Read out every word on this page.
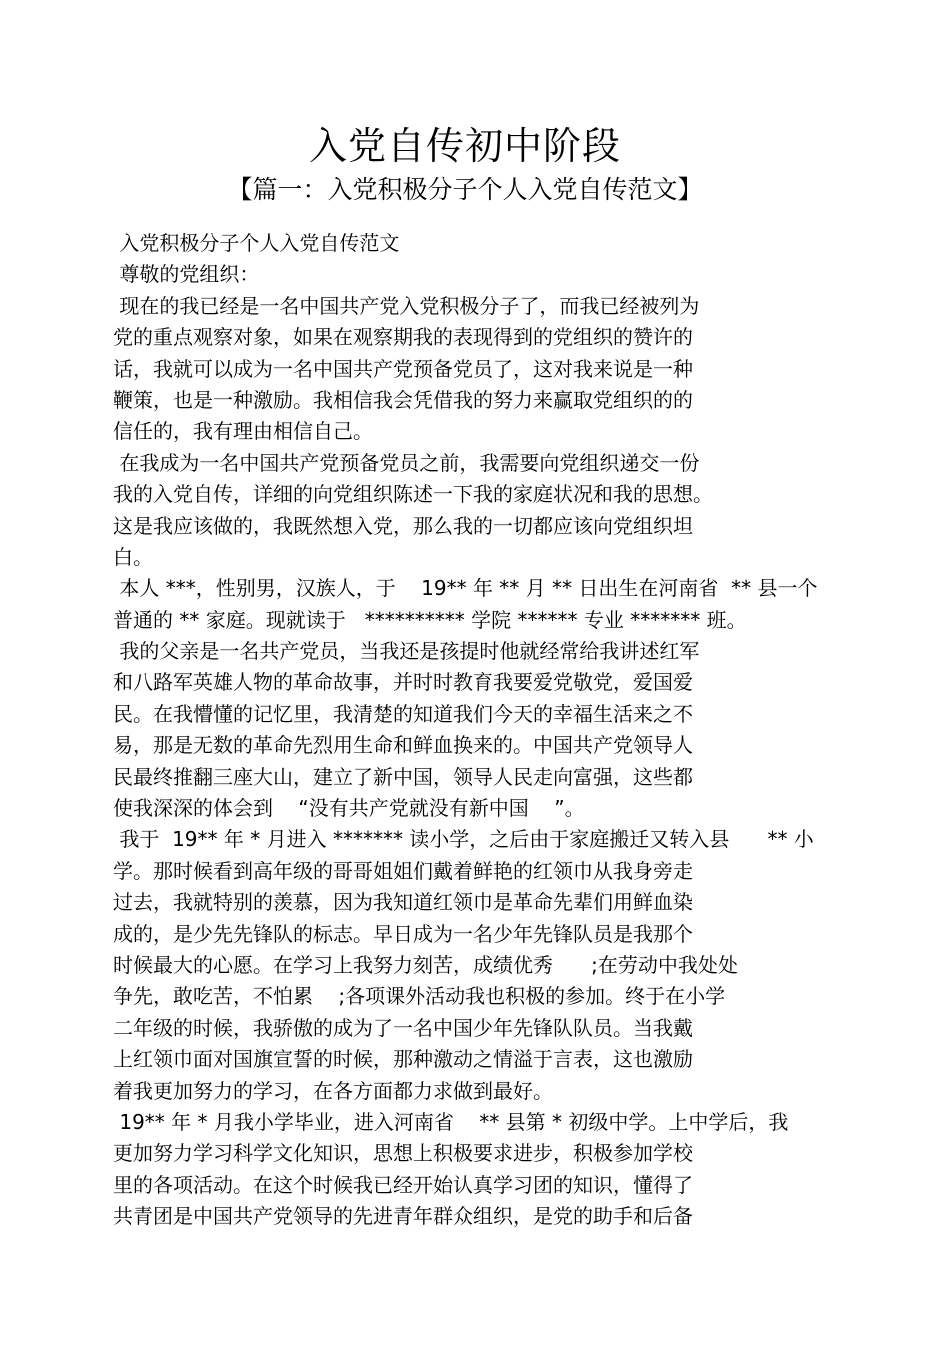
入党自传初中阶段
【篇一：入党积极分子个人入党自传范文】
入党积极分子个人入党自传范文
尊敬的党组织：
现在的我已经是一名中国共产党入党积极分子了，而我已经被列为
党的重点观察对象，如果在观察期我的表现得到的党组织的赞许的
话，我就可以成为一名中国共产党预备党员了，这对我来说是一种
鞭策，也是一种激励。我相信我会凭借我的努力来赢取党组织的的
信任的，我有理由相信自己。
在我成为一名中国共产党预备党员之前，我需要向党组织递交一份
我的入党自传，详细的向党组织陈述一下我的家庭状况和我的思想。
这是我应该做的，我既然想入党，那么我的一切都应该向党组织坦
白。
本人 ***，性别男，汉族人，于    19** 年 ** 月 ** 日出生在河南省  ** 县一个
普通的 ** 家庭。现就读于   ********** 学院 ****** 专业 ******* 班。
我的父亲是一名共产党员，当我还是孩提时他就经常给我讲述红军
和八路军英雄人物的革命故事，并时时教育我要爱党敬党，爱国爱
民。在我懵懂的记忆里，我清楚的知道我们今天的幸福生活来之不
易，那是无数的革命先烈用生命和鲜血换来的。中国共产党领导人
民最终推翻三座大山，建立了新中国，领导人民走向富强，这些都
使我深深的体会到    “没有共产党就没有新中国    ”。
我于  19** 年 * 月进入 ******* 读小学，之后由于家庭搬迁又转入县      ** 小
学。那时候看到高年级的哥哥姐姐们戴着鲜艳的红领巾从我身旁走
过去，我就特别的羡慕，因为我知道红领巾是革命先辈们用鲜血染
成的，是少先先锋队的标志。早日成为一名少年先锋队员是我那个
时候最大的心愿。在学习上我努力刻苦，成绩优秀      ;在劳动中我处处
争先，敢吃苦，不怕累    ;各项课外活动我也积极的参加。终于在小学
二年级的时候，我骄傲的成为了一名中国少年先锋队队员。当我戴
上红领巾面对国旗宣誓的时候，那种激动之情溢于言表，这也激励
着我更加努力的学习，在各方面都力求做到最好。
19** 年 * 月我小学毕业，进入河南省    ** 县第 * 初级中学。上中学后，我
更加努力学习科学文化知识，思想上积极要求进步，积极参加学校
里的各项活动。在这个时候我已经开始认真学习团的知识，懂得了
共青团是中国共产党领导的先进青年群众组织，是党的助手和后备
